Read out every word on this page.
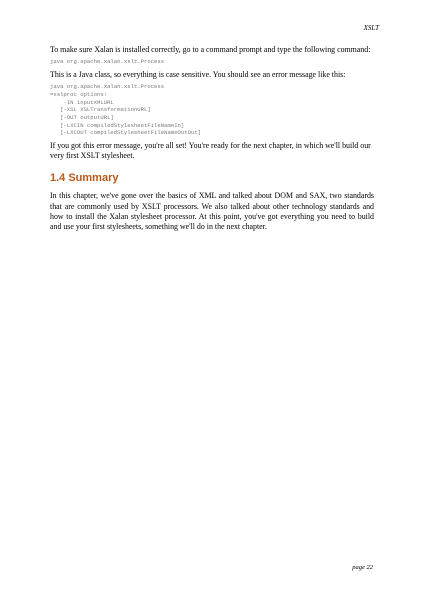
XSLT

To make sure Xalan is installed correctly, go to a command prompt and type the following command:

java org.apache.xalan.xslt.Process

This is a Java class, so everything is case sensitive. You should see an error message like this:

java org.apache.xalan.xslt.Process
=xslproc options:
-IN inputXMLURL
[-XSL XSLTransformationURL]
[-OUT outputURL]
[-LXCIN compiledStylesheetFileNameIn]
[-LXCOUT compiledStylesheetFileNameOutOut]

If you got this error message, you're all set! You're ready for the next chapter, in which we'll build our very first XSLT stylesheet.

1.4 Summary

In this chapter, we've gone over the basics of XML and talked about DOM and SAX, two standards that are commonly used by XSLT processors. We also talked about other technology standards and how to install the Xalan stylesheet processor. At this point, you've got everything you need to build and use your first stylesheets, something we'll do in the next chapter.

page 22
